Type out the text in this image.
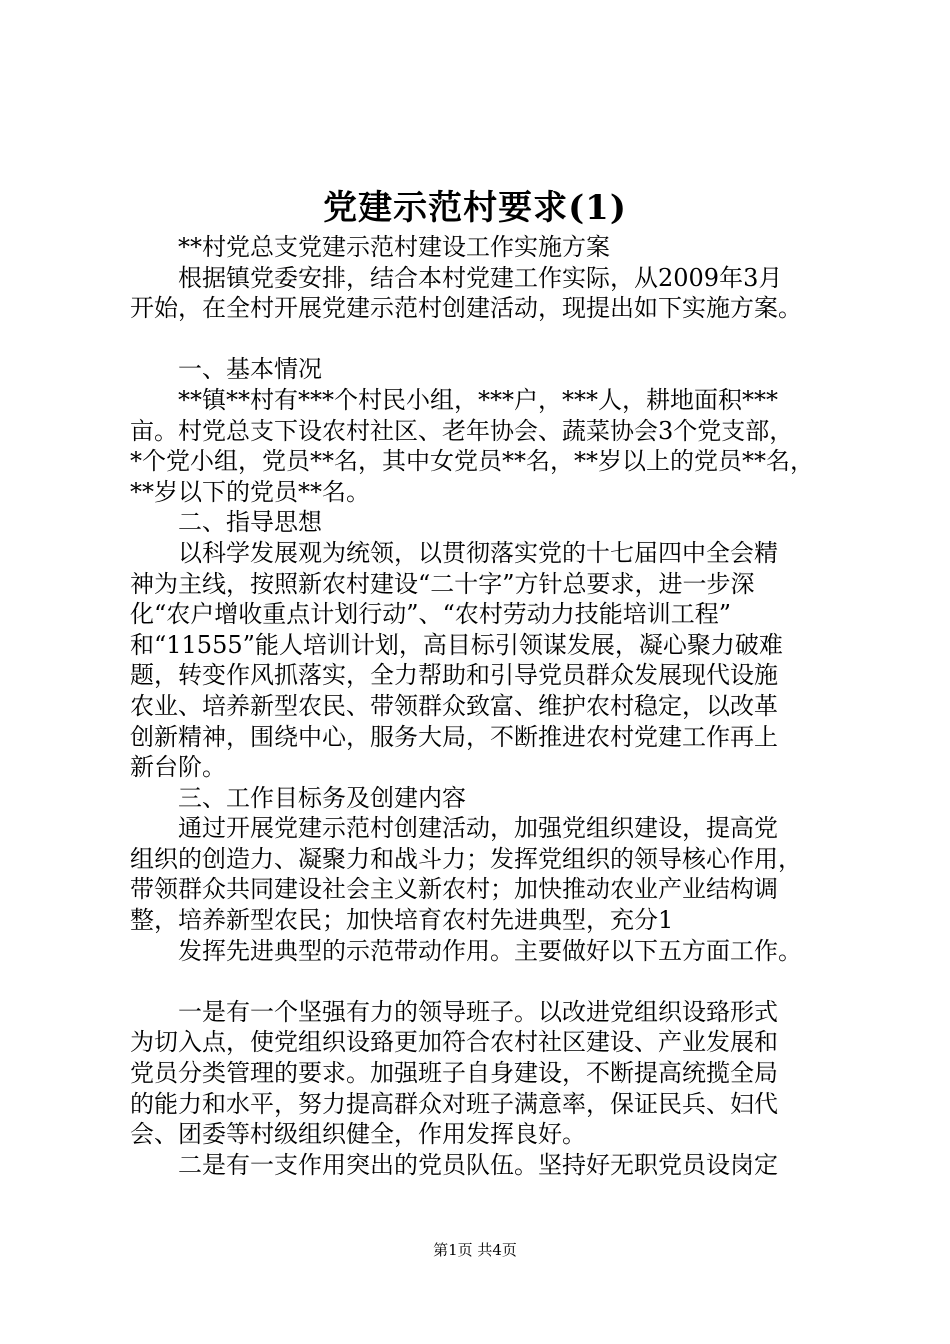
党建示范村要求(1)
**村党总支党建示范村建设工作实施方案
根据镇党委安排，结合本村党建工作实际，从2009年3月
开始，在全村开展党建示范村创建活动，现提出如下实施方案。
一、基本情况
**镇**村有***个村民小组，***户，***人，耕地面积***
亩。村党总支下设农村社区、老年协会、蔬菜协会3个党支部，
*个党小组，党员**名，其中女党员**名，**岁以上的党员**名，
**岁以下的党员**名。
二、指导思想
以科学发展观为统领，以贯彻落实党的十七届四中全会精
神为主线，按照新农村建设“二十字”方针总要求，进一步深
化“农户增收重点计划行动”、“农村劳动力技能培训工程”
和“11555”能人培训计划，高目标引领谋发展，凝心聚力破难
题，转变作风抓落实，全力帮助和引导党员群众发展现代设施
农业、培养新型农民、带领群众致富、维护农村稳定，以改革
创新精神，围绕中心，服务大局，不断推进农村党建工作再上
新台阶。
三、工作目标务及创建内容
通过开展党建示范村创建活动，加强党组织建设，提高党
组织的创造力、凝聚力和战斗力；发挥党组织的领导核心作用，
带领群众共同建设社会主义新农村；加快推动农业产业结构调
整，培养新型农民；加快培育农村先进典型，充分1
发挥先进典型的示范带动作用。主要做好以下五方面工作。
一是有一个坚强有力的领导班子。以改进党组织设臵形式
为切入点，使党组织设臵更加符合农村社区建设、产业发展和
党员分类管理的要求。加强班子自身建设，不断提高统揽全局
的能力和水平，努力提高群众对班子满意率，保证民兵、妇代
会、团委等村级组织健全，作用发挥良好。
二是有一支作用突出的党员队伍。坚持好无职党员设岗定
第1页 共4页
